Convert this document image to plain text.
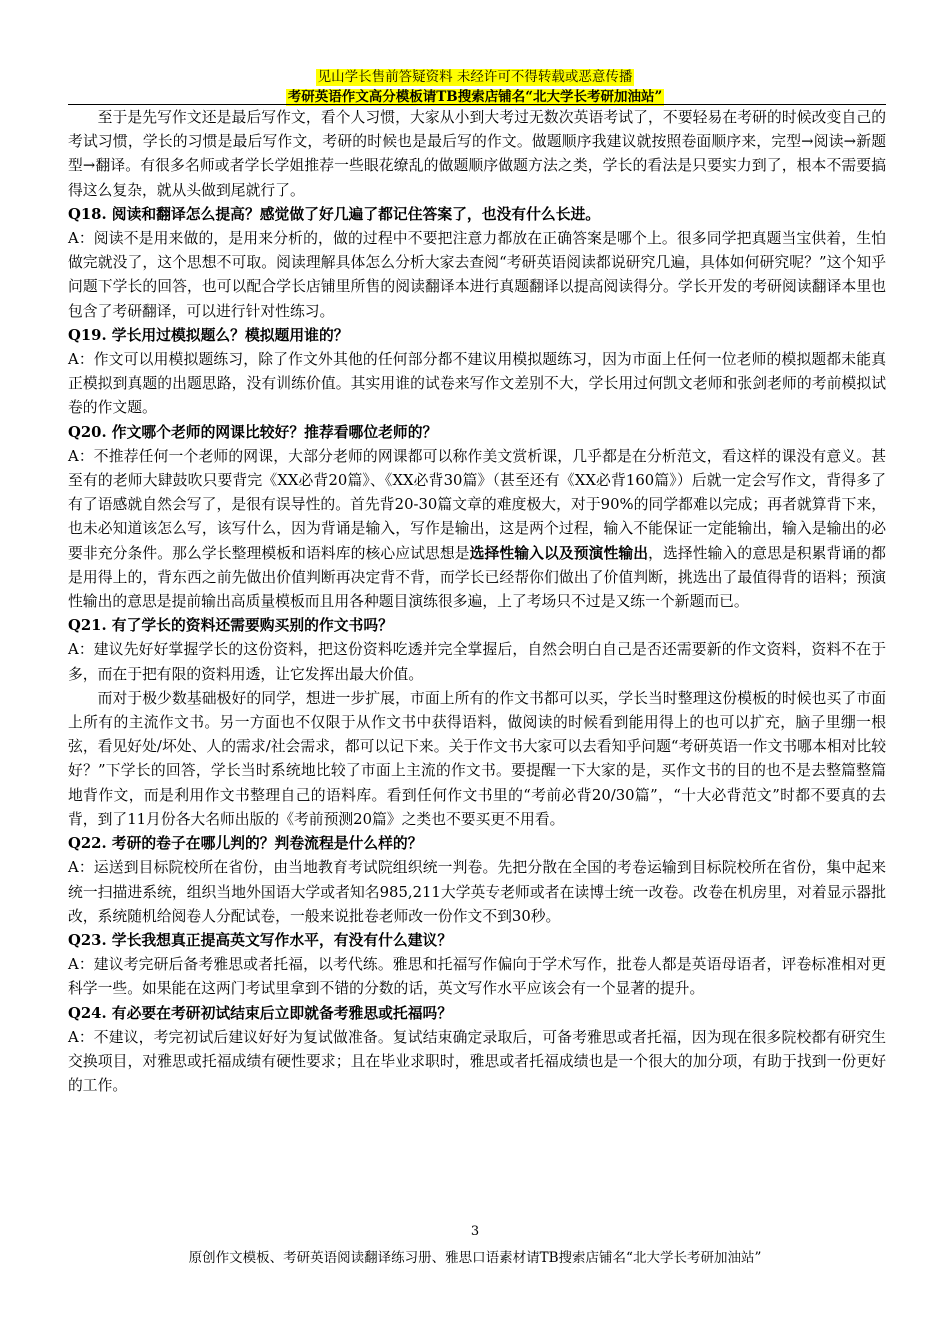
见山学长售前答疑资料 未经许可不得转载或恶意传播
考研英语作文高分模板请TB搜索店铺名“北大学长考研加油站”

至于是先写作文还是最后写作文，看个人习惯，大家从小到大考过无数次英语考试了，不要轻易在考研的时候改变自己的考试习惯，学长的习惯是最后写作文，考研的时候也是最后写的作文。做题顺序我建议就按照卷面顺序来，完型→阅读→新题型→翻译。有很多名师或者学长学姐推荐一些眼花缭乱的做题顺序做题方法之类，学长的看法是只要实力到了，根本不需要搞得这么复杂，就从头做到尾就行了。

Q18. 阅读和翻译怎么提高？感觉做了好几遍了都记住答案了，也没有什么长进。

A：阅读不是用来做的，是用来分析的，做的过程中不要把注意力都放在正确答案是哪个上。很多同学把真题当宝供着，生怕做完就没了，这个思想不可取。阅读理解具体怎么分析大家去查阅“考研英语阅读都说研究几遍，具体如何研究呢？”这个知乎问题下学长的回答，也可以配合学长店铺里所售的阅读翻译本进行真题翻译以提高阅读得分。学长开发的考研阅读翻译本里也包含了考研翻译，可以进行针对性练习。

Q19. 学长用过模拟题么？模拟题用谁的？

A：作文可以用模拟题练习，除了作文外其他的任何部分都不建议用模拟题练习，因为市面上任何一位老师的模拟题都未能真正模拟到真题的出题思路，没有训练价值。其实用谁的试卷来写作文差别不大，学长用过何凯文老师和张剑老师的考前模拟试卷的作文题。

Q20. 作文哪个老师的网课比较好？推荐看哪位老师的？

A：不推荐任何一个老师的网课，大部分老师的网课都可以称作美文赏析课，几乎都是在分析范文，看这样的课没有意义。甚至有的老师大肆鼓吹只要背完《XX必背20篇》、《XX必背30篇》（甚至还有《XX必背160篇》）后就一定会写作文，背得多了有了语感就自然会写了，是很有误导性的。首先背20-30篇文章的难度极大，对于90%的同学都难以完成；再者就算背下来，也未必知道该怎么写，该写什么，因为背诵是输入，写作是输出，这是两个过程，输入不能保证一定能输出，输入是输出的必要非充分条件。那么学长整理模板和语料库的核心应试思想是选择性输入以及预演性输出，选择性输入的意思是积累背诵的都是用得上的，背东西之前先做出价值判断再决定背不背，而学长已经帮你们做出了价值判断，挑选出了最值得背的语料；预演性输出的意思是提前输出高质量模板而且用各种题目演练很多遍，上了考场只不过是又练一个新题而已。

Q21. 有了学长的资料还需要购买别的作文书吗？

A：建议先好好掌握学长的这份资料，把这份资料吃透并完全掌握后，自然会明白自己是否还需要新的作文资料，资料不在于多，而在于把有限的资料用透，让它发挥出最大价值。

而对于极少数基础极好的同学，想进一步扩展，市面上所有的作文书都可以买，学长当时整理这份模板的时候也买了市面上所有的主流作文书。另一方面也不仅限于从作文书中获得语料，做阅读的时候看到能用得上的也可以扩充，脑子里绷一根弦，看见好处/坏处、人的需求/社会需求，都可以记下来。关于作文书大家可以去看知乎问题“考研英语一作文书哪本相对比较好？”下学长的回答，学长当时系统地比较了市面上主流的作文书。要提醒一下大家的是，买作文书的目的也不是去整篇整篇地背作文，而是利用作文书整理自己的语料库。看到任何作文书里的“考前必背20/30篇”，“十大必背范文”时都不要真的去背，到了11月份各大名师出版的《考前预测20篇》之类也不要买更不用看。

Q22. 考研的卷子在哪儿判的？判卷流程是什么样的？

A：运送到目标院校所在省份，由当地教育考试院组织统一判卷。先把分散在全国的考卷运输到目标院校所在省份，集中起来统一扫描进系统，组织当地外国语大学或者知名985,211大学英专老师或者在读博士统一改卷。改卷在机房里，对着显示器批改，系统随机给阅卷人分配试卷，一般来说批卷老师改一份作文不到30秒。

Q23. 学长我想真正提高英文写作水平，有没有什么建议？

A：建议考完研后备考雅思或者托福，以考代练。雅思和托福写作偏向于学术写作，批卷人都是英语母语者，评卷标准相对更科学一些。如果能在这两门考试里拿到不错的分数的话，英文写作水平应该会有一个显著的提升。

Q24. 有必要在考研初试结束后立即就备考雅思或托福吗？

A：不建议，考完初试后建议好好为复试做准备。复试结束确定录取后，可备考雅思或者托福，因为现在很多院校都有研究生交换项目，对雅思或托福成绩有硬性要求；且在毕业求职时，雅思或者托福成绩也是一个很大的加分项，有助于找到一份更好的工作。

3
原创作文模板、考研英语阅读翻译练习册、雅思口语素材请TB搜索店铺名“北大学长考研加油站”
